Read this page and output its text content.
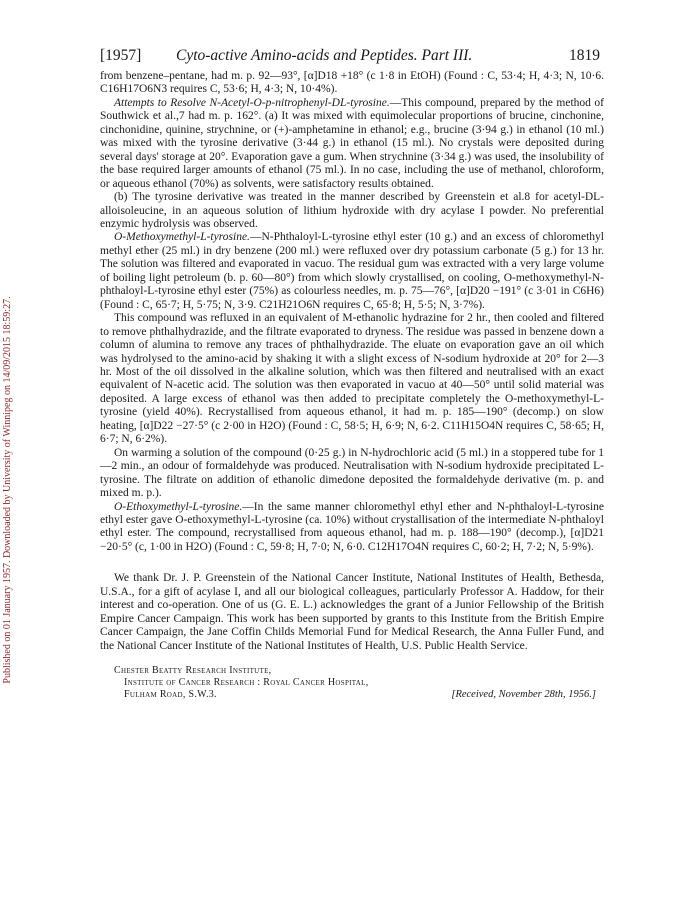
Published on 01 January 1957. Downloaded by University of Winnipeg on 14/09/2015 18:59:27.
[1957] Cyto-active Amino-acids and Peptides. Part III.	1819

from benzene–pentane, had m. p. 92—93°, [α]D18 +18° (c 1·8 in EtOH) (Found : C, 53·4; H, 4·3; N, 10·6. C16H17O6N3 requires C, 53·6; H, 4·3; N, 10·4%).

Attempts to Resolve N-Acetyl-O-p-nitrophenyl-DL-tyrosine.—This compound, prepared by the method of Southwick et al.,7 had m. p. 162°. (a) It was mixed with equimolecular proportions of brucine, cinchonine, cinchonidine, quinine, strychnine, or (+)-amphetamine in ethanol; e.g., brucine (3·94 g.) in ethanol (10 ml.) was mixed with the tyrosine derivative (3·44 g.) in ethanol (15 ml.). No crystals were deposited during several days' storage at 20°. Evaporation gave a gum. When strychnine (3·34 g.) was used, the insolubility of the base required larger amounts of ethanol (75 ml.). In no case, including the use of methanol, chloroform, or aqueous ethanol (70%) as solvents, were satisfactory results obtained.

(b) The tyrosine derivative was treated in the manner described by Greenstein et al.8 for acetyl-DL-alloisoleucine, in an aqueous solution of lithium hydroxide with dry acylase I powder. No preferential enzymic hydrolysis was observed.

O-Methoxymethyl-L-tyrosine.—N-Phthaloyl-L-tyrosine ethyl ester (10 g.) and an excess of chloromethyl methyl ether (25 ml.) in dry benzene (200 ml.) were refluxed over dry potassium carbonate (5 g.) for 13 hr. The solution was filtered and evaporated in vacuo. The residual gum was extracted with a very large volume of boiling light petroleum (b. p. 60—80°) from which slowly crystallised, on cooling, O-methoxymethyl-N-phthaloyl-L-tyrosine ethyl ester (75%) as colourless needles, m. p. 75—76°, [α]D20 −191° (c 3·01 in C6H6) (Found : C, 65·7; H, 5·75; N, 3·9. C21H21O6N requires C, 65·8; H, 5·5; N, 3·7%).

This compound was refluxed in an equivalent of M-ethanolic hydrazine for 2 hr., then cooled and filtered to remove phthalhydrazide, and the filtrate evaporated to dryness. The residue was passed in benzene down a column of alumina to remove any traces of phthalhydrazide. The eluate on evaporation gave an oil which was hydrolysed to the amino-acid by shaking it with a slight excess of N-sodium hydroxide at 20° for 2—3 hr. Most of the oil dissolved in the alkaline solution, which was then filtered and neutralised with an exact equivalent of N-acetic acid. The solution was then evaporated in vacuo at 40—50° until solid material was deposited. A large excess of ethanol was then added to precipitate completely the O-methoxymethyl-L-tyrosine (yield 40%). Recrystallised from aqueous ethanol, it had m. p. 185—190° (decomp.) on slow heating, [α]D22 −27·5° (c 2·00 in H2O) (Found : C, 58·5; H, 6·9; N, 6·2. C11H15O4N requires C, 58·65; H, 6·7; N, 6·2%).

On warming a solution of the compound (0·25 g.) in N-hydrochloric acid (5 ml.) in a stoppered tube for 1—2 min., an odour of formaldehyde was produced. Neutralisation with N-sodium hydroxide precipitated L-tyrosine. The filtrate on addition of ethanolic dimedone deposited the formaldehyde derivative (m. p. and mixed m. p.).

O-Ethoxymethyl-L-tyrosine.—In the same manner chloromethyl ethyl ether and N-phthaloyl-L-tyrosine ethyl ester gave O-ethoxymethyl-L-tyrosine (ca. 10%) without crystallisation of the intermediate N-phthaloyl ethyl ester. The compound, recrystallised from aqueous ethanol, had m. p. 188—190° (decomp.), [α]D21 −20·5° (c, 1·00 in H2O) (Found : C, 59·8; H, 7·0; N, 6·0. C12H17O4N requires C, 60·2; H, 7·2; N, 5·9%).

We thank Dr. J. P. Greenstein of the National Cancer Institute, National Institutes of Health, Bethesda, U.S.A., for a gift of acylase I, and all our biological colleagues, particularly Professor A. Haddow, for their interest and co-operation. One of us (G. E. L.) acknowledges the grant of a Junior Fellowship of the British Empire Cancer Campaign. This work has been supported by grants to this Institute from the British Empire Cancer Campaign, the Jane Coffin Childs Memorial Fund for Medical Research, the Anna Fuller Fund, and the National Cancer Institute of the National Institutes of Health, U.S. Public Health Service.

Chester Beatty Research Institute,
Institute of Cancer Research : Royal Cancer Hospital,
Fulham Road, S.W.3.	[Received, November 28th, 1956.]
